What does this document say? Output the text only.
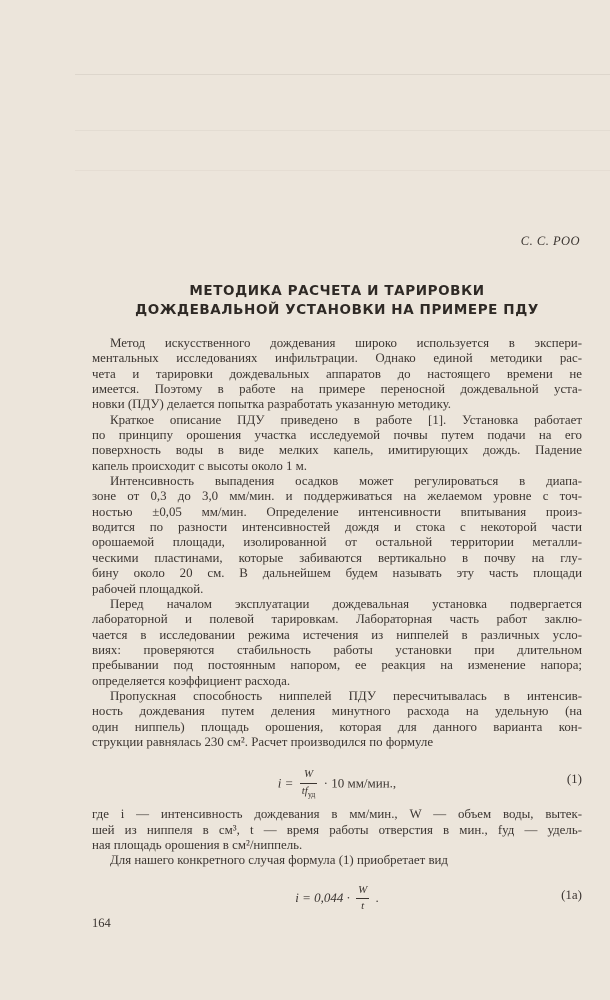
С. С. РОО
МЕТОДИКА РАСЧЕТА И ТАРИРОВКИ
ДОЖДЕВАЛЬНОЙ УСТАНОВКИ НА ПРИМЕРЕ ПДУ
Метод искусственного дождевания широко используется в экспери-
ментальных исследованиях инфильтрации. Однако единой методики рас-
чета и тарировки дождевальных аппаратов до настоящего времени не
имеется. Поэтому в работе на примере переносной дождевальной уста-
новки (ПДУ) делается попытка разработать указанную методику.
Краткое описание ПДУ приведено в работе [1]. Установка работает
по принципу орошения участка исследуемой почвы путем подачи на его
поверхность воды в виде мелких капель, имитирующих дождь. Падение
капель происходит с высоты около 1 м.
Интенсивность выпадения осадков может регулироваться в диапа-
зоне от 0,3 до 3,0 мм/мин. и поддерживаться на желаемом уровне с точ-
ностью ±0,05 мм/мин. Определение интенсивности впитывания произ-
водится по разности интенсивностей дождя и стока с некоторой части
орошаемой площади, изолированной от остальной территории металли-
ческими пластинами, которые забиваются вертикально в почву на глу-
бину около 20 см. В дальнейшем будем называть эту часть площади
рабочей площадкой.
Перед началом эксплуатации дождевальная установка подвергается
лабораторной и полевой тарировкам. Лабораторная часть работ заклю-
чается в исследовании режима истечения из ниппелей в различных усло-
виях: проверяются стабильность работы установки при длительном
пребывании под постоянным напором, ее реакция на изменение напора;
определяется коэффициент расхода.
Пропускная способность ниппелей ПДУ пересчитывалась в интенсив-
ность дождевания путем деления минутного расхода на удельную (на
один ниппель) площадь орошения, которая для данного варианта кон-
струкции равнялась 230 см². Расчет производился по формуле
$i = \frac{W}{tf_{уд}} \cdot 10$ мм/мин.,	(1)
где i — интенсивность дождевания в мм/мин., W — объем воды, вытек-
шей из ниппеля в см³, t — время работы отверстия в мин., fуд — удель-
ная площадь орошения в см²/ниппель.
Для нашего конкретного случая формула (1) приобретает вид
$i = 0,044 \cdot \frac{W}{t}$ .	(1a)
164
